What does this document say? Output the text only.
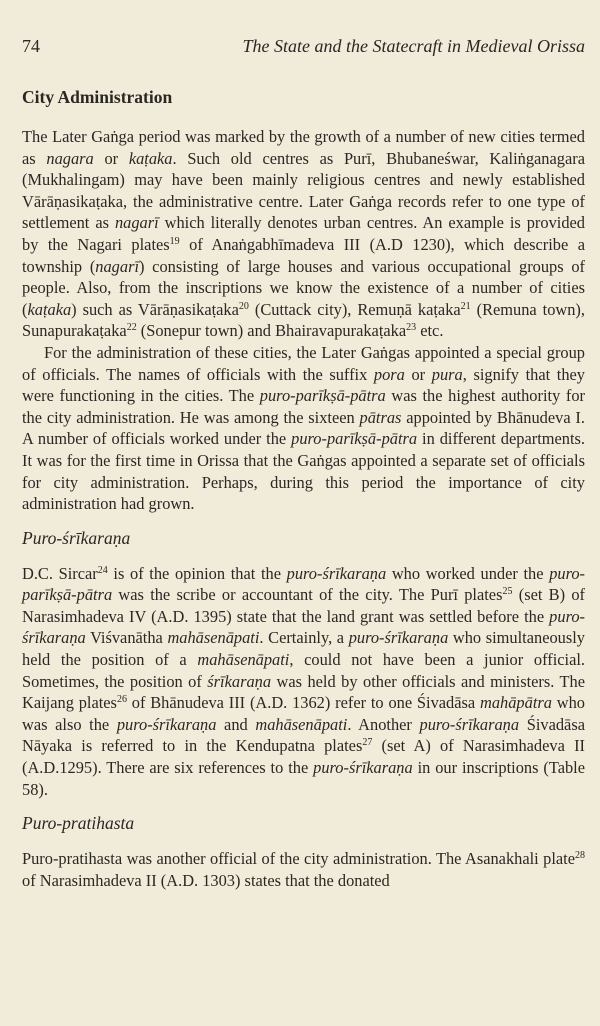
74	The State and the Statecraft in Medieval Orissa
City Administration

The Later Gaṅga period was marked by the growth of a number of new cities termed as nagara or kaṭaka. Such old centres as Purī, Bhubaneśwar, Kaliṅganagara (Mukhalingam) may have been mainly religious centres and newly established Vārāṇasikaṭaka, the administrative centre. Later Gaṅga records refer to one type of settlement as nagarī which literally denotes urban centres. An example is provided by the Nagari plates$^{19}$ of Anaṅgabhīmadeva III (A.D 1230), which describe a township (nagarī) consisting of large houses and various occupational groups of people. Also, from the inscriptions we know the existence of a number of cities (kaṭaka) such as Vārāṇasikaṭaka$^{20}$ (Cuttack city), Remuṇā kaṭaka$^{21}$ (Remuna town), Sunapurakaṭaka$^{22}$ (Sonepur town) and Bhairavapurakaṭaka$^{23}$ etc.

For the administration of these cities, the Later Gaṅgas appointed a special group of officials. The names of officials with the suffix pora or pura, signify that they were functioning in the cities. The puro-parīkṣā-pātra was the highest authority for the city administration. He was among the sixteen pātras appointed by Bhānudeva I. A number of officials worked under the puro-parīkṣā-pātra in different departments. It was for the first time in Orissa that the Gaṅgas appointed a separate set of officials for city administration. Perhaps, during this period the importance of city administration had grown.

Puro-śrīkaraṇa

D.C. Sircar$^{24}$ is of the opinion that the puro-śrīkaraṇa who worked under the puro-parīkṣā-pātra was the scribe or accountant of the city. The Purī plates$^{25}$ (set B) of Narasimhadeva IV (A.D. 1395) state that the land grant was settled before the puro-śrīkaraṇa Viśvanātha mahāsenāpati. Certainly, a puro-śrīkaraṇa who simultaneously held the position of a mahāsenāpati, could not have been a junior official. Sometimes, the position of śrīkaraṇa was held by other officials and ministers. The Kaijang plates$^{26}$ of Bhānudeva III (A.D. 1362) refer to one Śivadāsa mahāpātra who was also the puro-śrīkaraṇa and mahāsenāpati. Another puro-śrīkaraṇa Śivadāsa Nāyaka is referred to in the Kendupatna plates$^{27}$ (set A) of Narasimhadeva II (A.D.1295). There are six references to the puro-śrīkaraṇa in our inscriptions (Table 58).

Puro-pratihasta

Puro-pratihasta was another official of the city administration. The Asanakhali plate$^{28}$ of Narasimhadeva II (A.D. 1303) states that the donated
